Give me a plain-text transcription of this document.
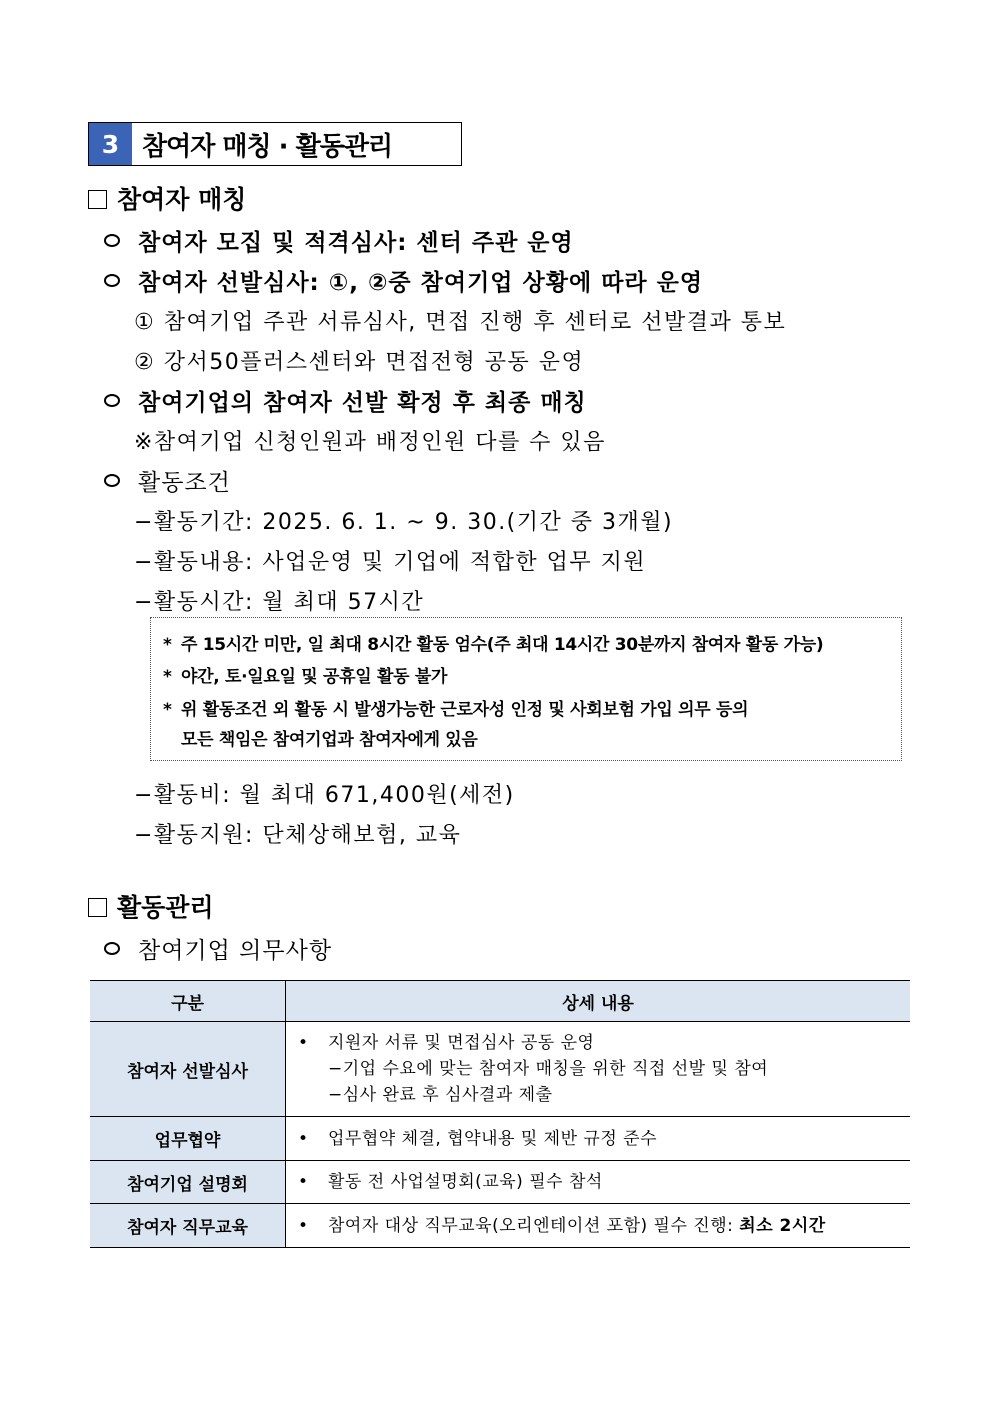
3 참여자 매칭 · 활동관리
참여자 매칭
참여자 모집 및 적격심사: 센터 주관 운영
참여자 선발심사: ①, ②중 참여기업 상황에 따라 운영
① 참여기업 주관 서류심사, 면접 진행 후 센터로 선발결과 통보
② 강서50플러스센터와 면접전형 공동 운영
참여기업의 참여자 선발 확정 후 최종 매칭
※참여기업 신청인원과 배정인원 다를 수 있음
활동조건
−활동기간: 2025. 6. 1. ~ 9. 30.(기간 중 3개월)
−활동내용: 사업운영 및 기업에 적합한 업무 지원
−활동시간: 월 최대 57시간
* 주 15시간 미만, 일 최대 8시간 활동 엄수(주 최대 14시간 30분까지 참여자 활동 가능)
* 야간, 토·일요일 및 공휴일 활동 불가
* 위 활동조건 외 활동 시 발생가능한 근로자성 인정 및 사회보험 가입 의무 등의
모든 책임은 참여기업과 참여자에게 있음
−활동비: 월 최대 671,400원(세전)
−활동지원: 단체상해보험, 교육
활동관리
참여기업 의무사항
구분	상세 내용
참여자 선발심사	• 지원자 서류 및 면접심사 공동 운영
−기업 수요에 맞는 참여자 매칭을 위한 직접 선발 및 참여
−심사 완료 후 심사결과 제출

업무협약	• 업무협약 체결, 협약내용 및 제반 규정 준수
참여기업 설명회	• 활동 전 사업설명회(교육) 필수 참석
참여자 직무교육	• 참여자 대상 직무교육(오리엔테이션 포함) 필수 진행: 최소 2시간
